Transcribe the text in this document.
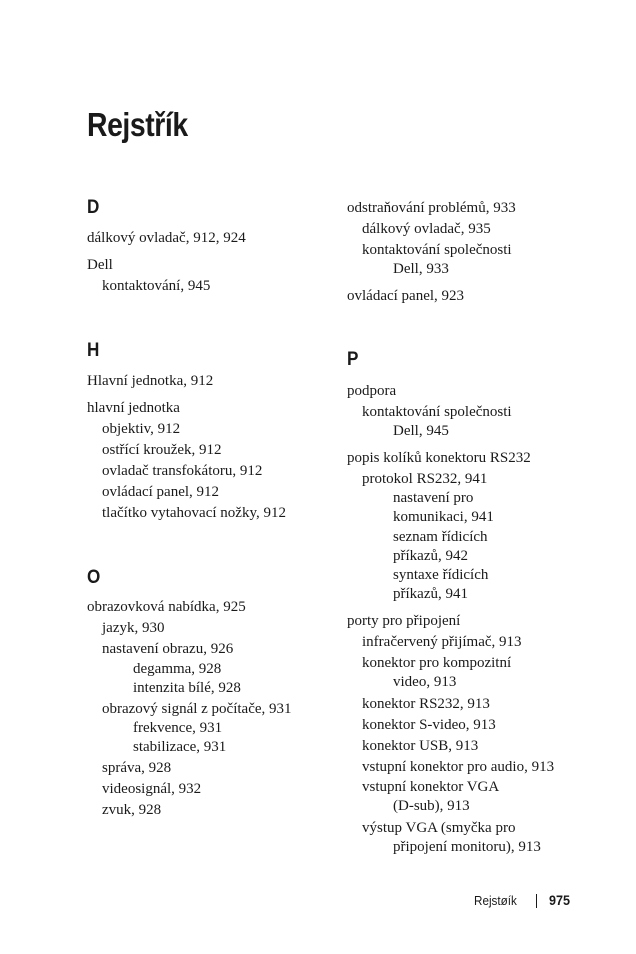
Rejstřík
D
dálkový ovladač, 912, 924
Dell
kontaktování, 945
H
Hlavní jednotka, 912
hlavní jednotka
objektiv, 912
ostřící kroužek, 912
ovladač transfokátoru, 912
ovládací panel, 912
tlačítko vytahovací nožky, 912
O
obrazovková nabídka, 925
jazyk, 930
nastavení obrazu, 926
degamma, 928
intenzita bílé, 928
obrazový signál z počítače, 931
frekvence, 931
stabilizace, 931
správa, 928
videosignál, 932
zvuk, 928
odstraňování problémů, 933
dálkový ovladač, 935
kontaktování společnosti
Dell, 933
ovládací panel, 923
P
podpora
kontaktování společnosti
Dell, 945
popis kolíků konektoru RS232
protokol RS232, 941
nastavení pro
komunikaci, 941
seznam řídicích
příkazů, 942
syntaxe řídicích
příkazů, 941
porty pro připojení
infračervený přijímač, 913
konektor pro kompozitní
video, 913
konektor RS232, 913
konektor S-video, 913
konektor USB, 913
vstupní konektor pro audio, 913
vstupní konektor VGA
(D-sub), 913
výstup VGA (smyčka pro
připojení monitoru), 913
Rejstøík 975
